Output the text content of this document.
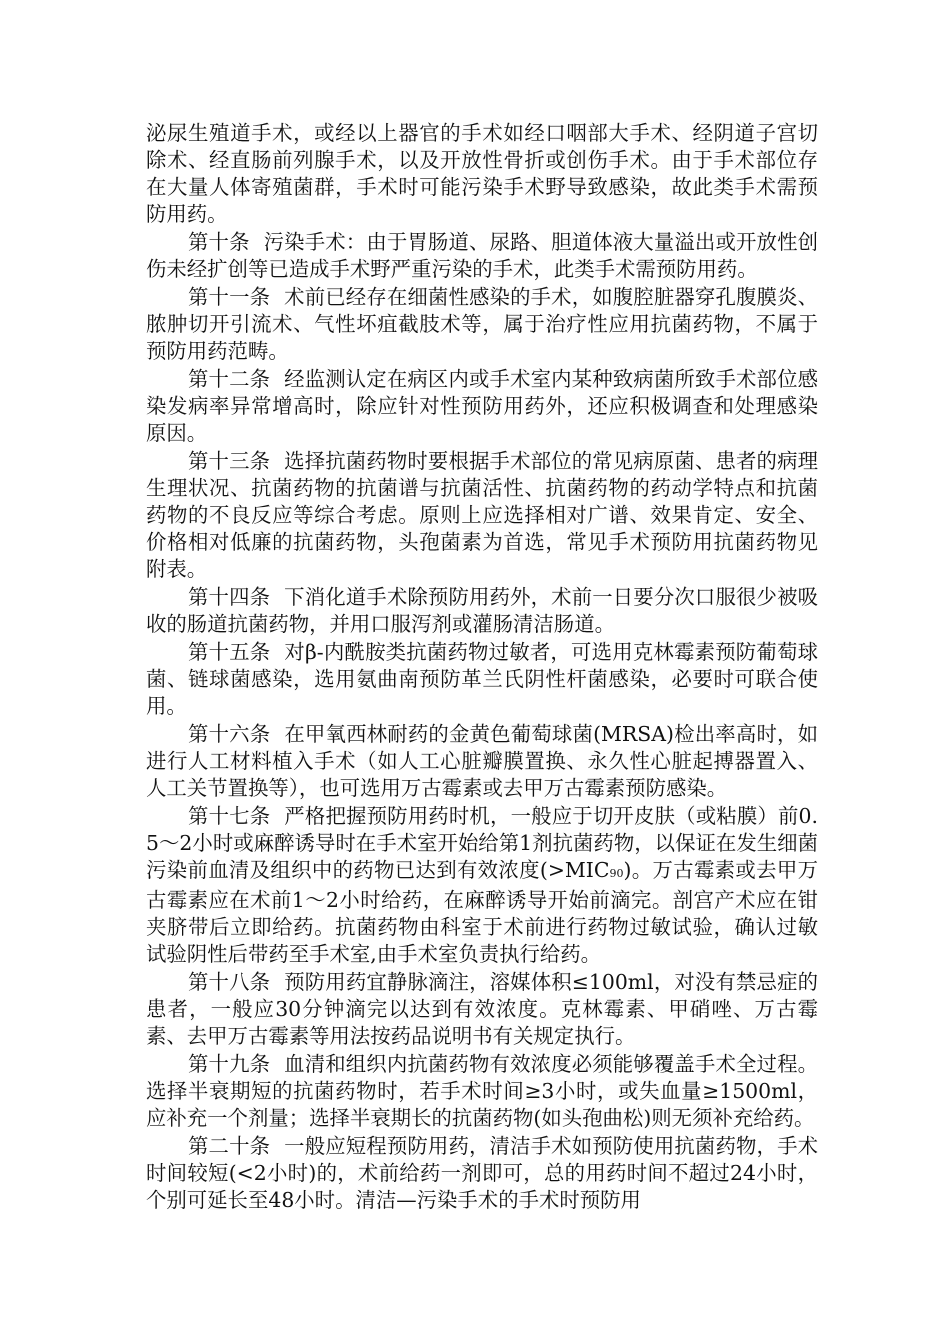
泌尿生殖道手术，或经以上器官的手术如经口咽部大手术、经阴道子宫切除术、经直肠前列腺手术，以及开放性骨折或创伤手术。由于手术部位存在大量人体寄殖菌群，手术时可能污染手术野导致感染，故此类手术需预防用药。

第十条 污染手术：由于胃肠道、尿路、胆道体液大量溢出或开放性创伤未经扩创等已造成手术野严重污染的手术，此类手术需预防用药。

第十一条 术前已经存在细菌性感染的手术，如腹腔脏器穿孔腹膜炎、脓肿切开引流术、气性坏疽截肢术等，属于治疗性应用抗菌药物，不属于预防用药范畴。

第十二条 经监测认定在病区内或手术室内某种致病菌所致手术部位感染发病率异常增高时，除应针对性预防用药外，还应积极调查和处理感染原因。

第十三条 选择抗菌药物时要根据手术部位的常见病原菌、患者的病理生理状况、抗菌药物的抗菌谱与抗菌活性、抗菌药物的药动学特点和抗菌药物的不良反应等综合考虑。原则上应选择相对广谱、效果肯定、安全、价格相对低廉的抗菌药物，头孢菌素为首选，常见手术预防用抗菌药物见附表。

第十四条 下消化道手术除预防用药外，术前一日要分次口服很少被吸收的肠道抗菌药物，并用口服泻剂或灌肠清洁肠道。

第十五条 对β-内酰胺类抗菌药物过敏者，可选用克林霉素预防葡萄球菌、链球菌感染，选用氨曲南预防革兰氏阴性杆菌感染，必要时可联合使用。

第十六条 在甲氧西林耐药的金黄色葡萄球菌(MRSA)检出率高时，如进行人工材料植入手术（如人工心脏瓣膜置换、永久性心脏起搏器置入、人工关节置换等），也可选用万古霉素或去甲万古霉素预防感染。

第十七条 严格把握预防用药时机，一般应于切开皮肤（或粘膜）前0.5～2小时或麻醉诱导时在手术室开始给第1剂抗菌药物，以保证在发生细菌污染前血清及组织中的药物已达到有效浓度(>MIC90)。万古霉素或去甲万古霉素应在术前1～2小时给药，在麻醉诱导开始前滴完。剖宫产术应在钳夹脐带后立即给药。抗菌药物由科室于术前进行药物过敏试验，确认过敏试验阴性后带药至手术室,由手术室负责执行给药。

第十八条 预防用药宜静脉滴注，溶媒体积≤100ml，对没有禁忌症的患者，一般应30分钟滴完以达到有效浓度。克林霉素、甲硝唑、万古霉素、去甲万古霉素等用法按药品说明书有关规定执行。

第十九条 血清和组织内抗菌药物有效浓度必须能够覆盖手术全过程。选择半衰期短的抗菌药物时，若手术时间≥3小时，或失血量≥1500ml，应补充一个剂量；选择半衰期长的抗菌药物(如头孢曲松)则无须补充给药。

第二十条 一般应短程预防用药，清洁手术如预防使用抗菌药物，手术时间较短(<2小时)的，术前给药一剂即可，总的用药时间不超过24小时，个别可延长至48小时。清洁—污染手术的手术时预防用
